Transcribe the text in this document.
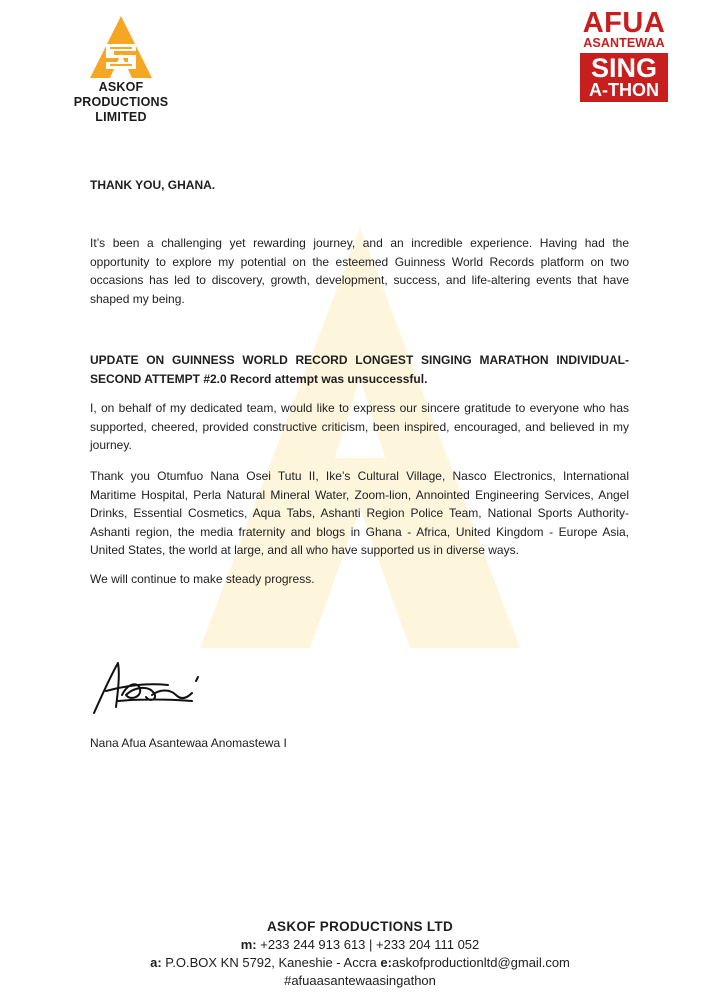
ASKOF
PRODUCTIONS
LIMITED
AFUA
ASANTEWAA
SING
A-THON

THANK YOU, GHANA.

It’s been a challenging yet rewarding journey, and an incredible experience. Having had the opportunity to explore my potential on the esteemed Guinness World Records platform on two occasions has led to discovery, growth, development, success, and life-altering events that have shaped my being.

UPDATE ON GUINNESS WORLD RECORD LONGEST SINGING MARATHON INDIVIDUAL- SECOND ATTEMPT #2.0 Record attempt was unsuccessful.

I, on behalf of my dedicated team, would like to express our sincere gratitude to everyone who has supported, cheered, provided constructive criticism, been inspired, encouraged, and believed in my journey.

Thank you Otumfuo Nana Osei Tutu II, Ike’s Cultural Village, Nasco Electronics, International Maritime Hospital, Perla Natural Mineral Water, Zoom-lion, Annointed Engineering Services, Angel Drinks, Essential Cosmetics, Aqua Tabs, Ashanti Region Police Team, National Sports Authority-Ashanti region, the media fraternity and blogs in Ghana - Africa, United Kingdom - Europe Asia, United States, the world at large, and all who have supported us in diverse ways.

We will continue to make steady progress.

Nana Afua Asantewaa Anomastewa I
ASKOF PRODUCTIONS LTD
m: +233 244 913 613 | +233 204 111 052
a: P.O.BOX KN 5792, Kaneshie - Accra e:askofproductionltd@gmail.com
#afuaasantewaasingathon
